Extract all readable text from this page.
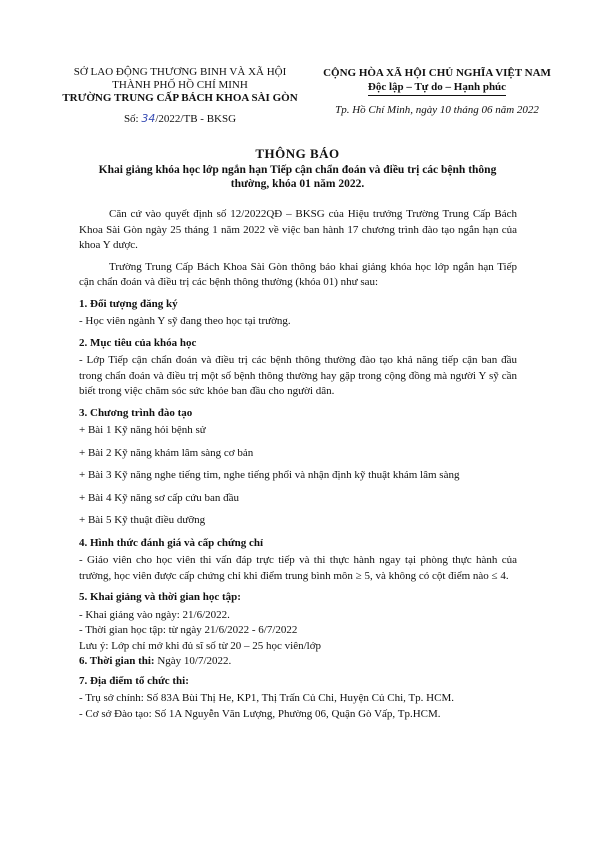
SỞ LAO ĐỘNG THƯƠNG BINH VÀ XÃ HỘI
THÀNH PHỐ HỒ CHÍ MINH
TRƯỜNG TRUNG CẤP BÁCH KHOA SÀI GÒN
Số: 34/2022/TB - BKSG
CỘNG HÒA XÃ HỘI CHỦ NGHĨA VIỆT NAM
Độc lập – Tự do – Hạnh phúc
Tp. Hồ Chí Minh, ngày 10 tháng 06 năm 2022
THÔNG BÁO
Khai giảng khóa học lớp ngắn hạn Tiếp cận chẩn đoán và điều trị các bệnh thông thường, khóa 01 năm 2022.

Căn cứ vào quyết định số 12/2022QĐ – BKSG của Hiệu trưởng Trường Trung Cấp Bách Khoa Sài Gòn ngày 25 tháng 1 năm 2022 về việc ban hành 17 chương trình đào tạo ngắn hạn của khoa Y dược.

Trường Trung Cấp Bách Khoa Sài Gòn thông báo khai giảng khóa học lớp ngắn hạn Tiếp cận chẩn đoán và điều trị các bệnh thông thường (khóa 01) như sau:

1. Đối tượng đăng ký

- Học viên ngành Y sỹ đang theo học tại trường.

2. Mục tiêu của khóa học

- Lớp Tiếp cận chẩn đoán và điều trị các bệnh thông thường đào tạo khả năng tiếp cận ban đầu trong chẩn đoán và điều trị một số bệnh thông thường hay gặp trong cộng đồng mà người Y sỹ cần biết trong việc chăm sóc sức khỏe ban đầu cho người dân.

3. Chương trình đào tạo

+ Bài 1 Kỹ năng hỏi bệnh sử

+ Bài 2 Kỹ năng khám lâm sàng cơ bản

+ Bài 3 Kỹ năng nghe tiếng tim, nghe tiếng phổi và nhận định kỹ thuật khám lâm sàng

+ Bài 4 Kỹ năng sơ cấp cứu ban đầu

+ Bài 5 Kỹ thuật điều dưỡng

4. Hình thức đánh giá và cấp chứng chỉ

- Giáo viên cho học viên thi vấn đáp trực tiếp và thi thực hành ngay tại phòng thực hành của trường, học viên được cấp chứng chỉ khi điểm trung bình môn ≥ 5, và không có cột điểm nào ≤ 4.

5. Khai giảng và thời gian học tập:

- Khai giảng vào ngày: 21/6/2022.

- Thời gian học tập: từ ngày 21/6/2022 - 6/7/2022

Lưu ý: Lớp chỉ mở khi đủ sĩ số từ 20 – 25 học viên/lớp

6. Thời gian thi: Ngày 10/7/2022.
7. Địa điểm tổ chức thi:

- Trụ sở chính: Số 83A Bùi Thị He, KP1, Thị Trấn Củ Chi, Huyện Củ Chi, Tp. HCM.

- Cơ sở Đào tạo: Số 1A Nguyễn Văn Lượng, Phường 06, Quận Gò Vấp, Tp.HCM.
